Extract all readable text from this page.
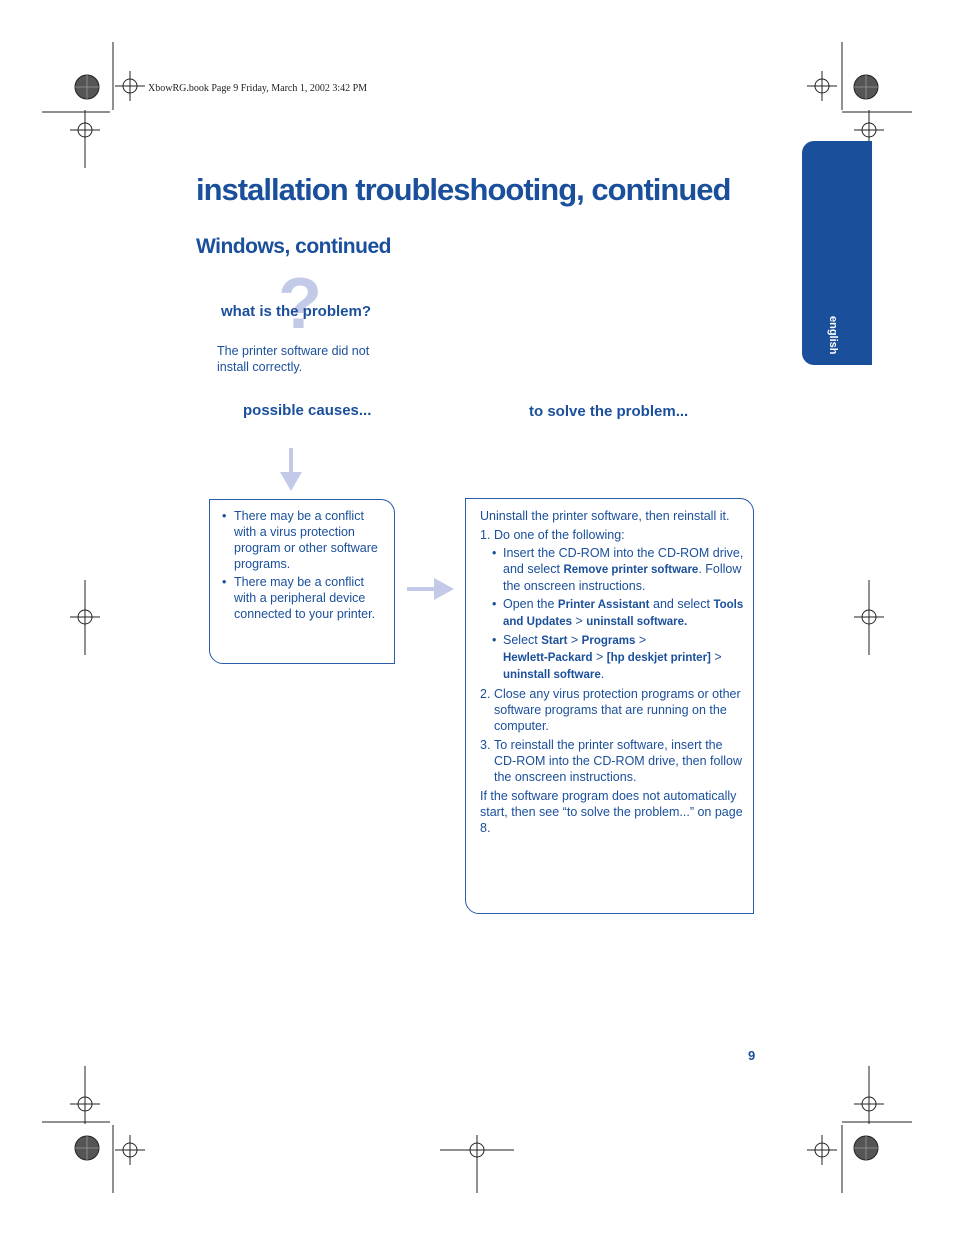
XbowRG.book Page 9 Friday, March 1, 2002 3:42 PM
english
installation troubleshooting, continued
Windows, continued
?
what is the problem?
The printer software did not install correctly.
possible causes...	to solve the problem...
• There may be a conflict with a virus protection program or other software programs.
• There may be a conflict with a peripheral device connected to your printer.

Uninstall the printer software, then reinstall it.

1. Do one of the following:
• Insert the CD-ROM into the CD-ROM drive, and select Remove printer software. Follow the onscreen instructions.
• Open the Printer Assistant and select Tools and Updates > uninstall software.
• Select Start > Programs >
Hewlett-Packard > [hp deskjet printer] >
uninstall software.
2. Close any virus protection programs or other software programs that are running on the computer.
3. To reinstall the printer software, insert the CD-ROM into the CD-ROM drive, then follow the onscreen instructions.

If the software program does not automatically start, then see “to solve the problem...” on page 8.

9
